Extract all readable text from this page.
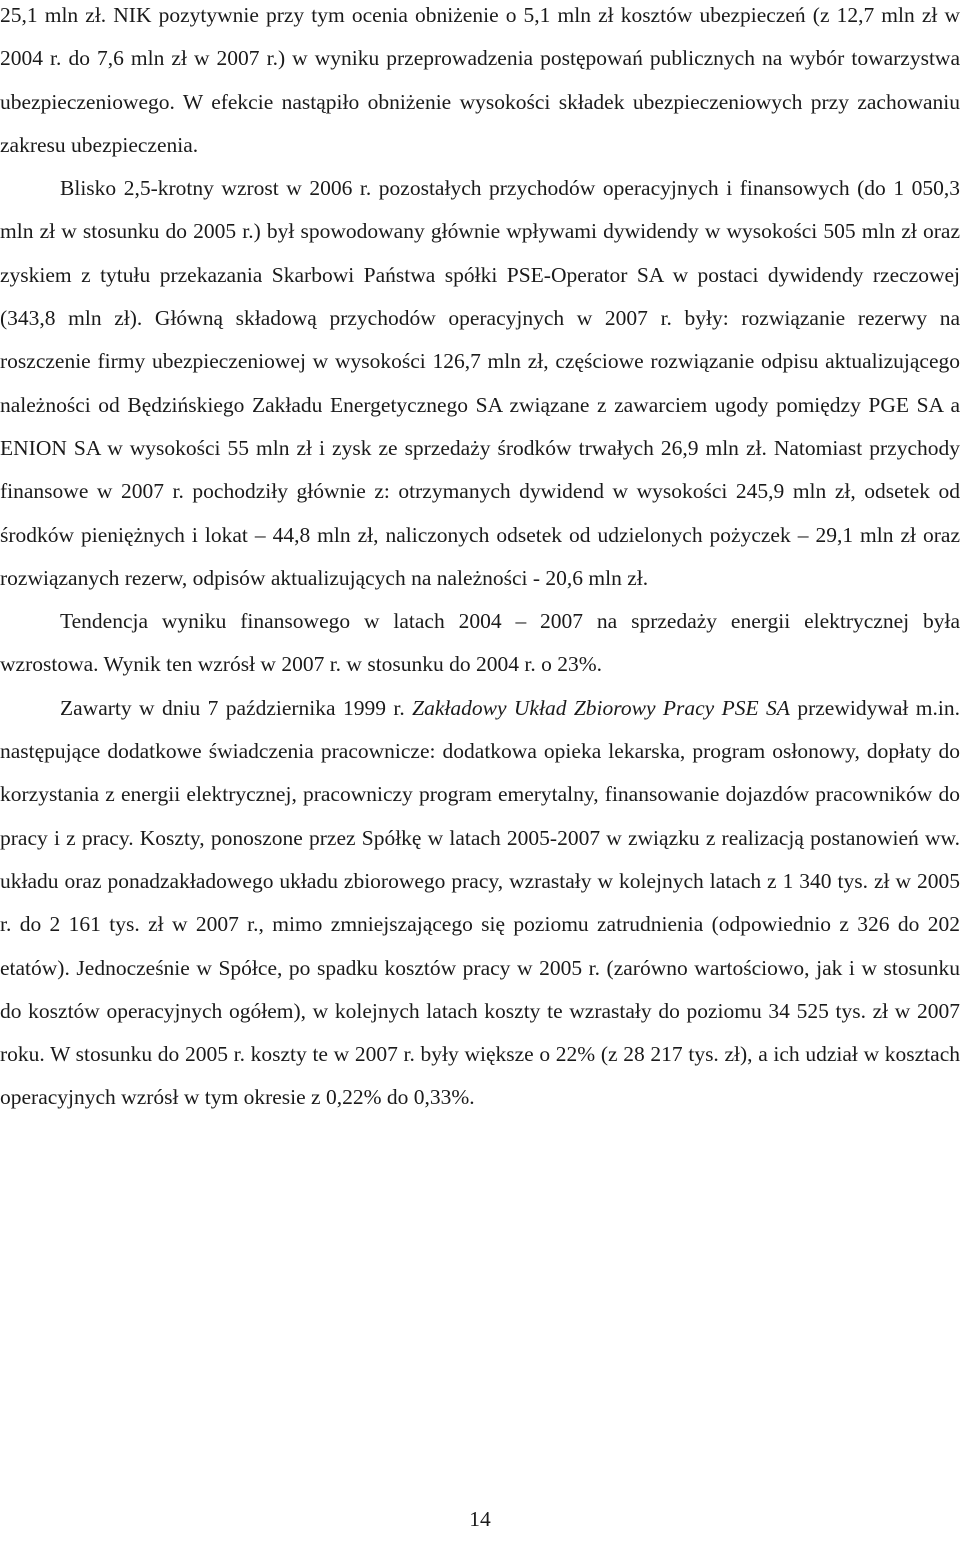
25,1 mln zł. NIK pozytywnie przy tym ocenia obniżenie o 5,1 mln zł kosztów ubezpieczeń (z 12,7 mln zł w 2004 r. do 7,6 mln zł w 2007 r.) w wyniku przeprowadzenia postępowań publicznych na wybór towarzystwa ubezpieczeniowego. W efekcie nastąpiło obniżenie wysokości składek ubezpieczeniowych przy zachowaniu zakresu ubezpieczenia.

Blisko 2,5-krotny wzrost w 2006 r. pozostałych przychodów operacyjnych i finansowych (do 1 050,3 mln zł w stosunku do 2005 r.) był spowodowany głównie wpływami dywidendy w wysokości 505 mln zł oraz zyskiem z tytułu przekazania Skarbowi Państwa spółki PSE-Operator SA w postaci dywidendy rzeczowej (343,8 mln zł). Główną składową przychodów operacyjnych w 2007 r. były: rozwiązanie rezerwy na roszczenie firmy ubezpieczeniowej w wysokości 126,7 mln zł, częściowe rozwiązanie odpisu aktualizującego należności od Będzińskiego Zakładu Energetycznego SA związane z zawarciem ugody pomiędzy PGE SA a ENION SA w wysokości 55 mln zł i zysk ze sprzedaży środków trwałych 26,9 mln zł. Natomiast przychody finansowe w 2007 r. pochodziły głównie z: otrzymanych dywidend w wysokości 245,9 mln zł, odsetek od środków pieniężnych i lokat – 44,8 mln zł, naliczonych odsetek od udzielonych pożyczek – 29,1 mln zł oraz rozwiązanych rezerw, odpisów aktualizujących na należności - 20,6 mln zł.

Tendencja wyniku finansowego w latach 2004 – 2007 na sprzedaży energii elektrycznej była wzrostowa. Wynik ten wzrósł w 2007 r. w stosunku do 2004 r. o 23%.

Zawarty w dniu 7 października 1999 r. Zakładowy Układ Zbiorowy Pracy PSE SA przewidywał m.in. następujące dodatkowe świadczenia pracownicze: dodatkowa opieka lekarska, program osłonowy, dopłaty do korzystania z energii elektrycznej, pracowniczy program emerytalny, finansowanie dojazdów pracowników do pracy i z pracy. Koszty, ponoszone przez Spółkę w latach 2005-2007 w związku z realizacją postanowień ww. układu oraz ponadzakładowego układu zbiorowego pracy, wzrastały w kolejnych latach z 1 340 tys. zł w 2005 r. do 2 161 tys. zł w 2007 r., mimo zmniejszającego się poziomu zatrudnienia (odpowiednio z 326 do 202 etatów). Jednocześnie w Spółce, po spadku kosztów pracy w 2005 r. (zarówno wartościowo, jak i w stosunku do kosztów operacyjnych ogółem), w kolejnych latach koszty te wzrastały do poziomu 34 525 tys. zł w 2007 roku. W stosunku do 2005 r. koszty te w 2007 r. były większe o 22% (z 28 217 tys. zł), a ich udział w kosztach operacyjnych wzrósł w tym okresie z 0,22% do 0,33%.

14
